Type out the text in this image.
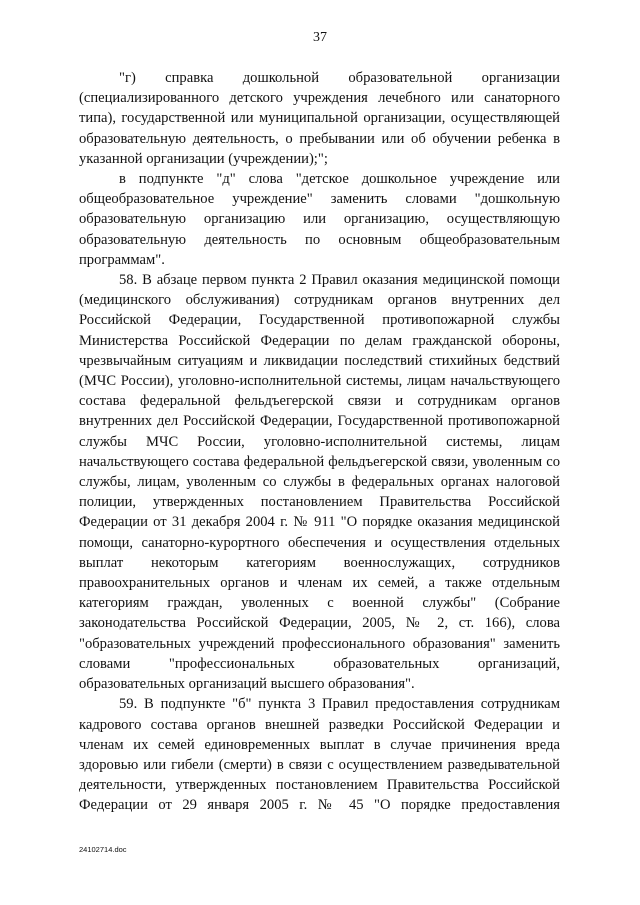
37

"г) справка дошкольной образовательной организации (специализированного детского учреждения лечебного или санаторного типа), государственной или муниципальной организации, осуществляющей образовательную деятельность, о пребывании или об обучении ребенка в указанной организации (учреждении);";

в подпункте "д" слова "детское дошкольное учреждение или общеобразовательное учреждение" заменить словами "дошкольную образовательную организацию или организацию, осуществляющую образовательную деятельность по основным общеобразовательным программам".

58. В абзаце первом пункта 2 Правил оказания медицинской помощи (медицинского обслуживания) сотрудникам органов внутренних дел Российской Федерации, Государственной противопожарной службы Министерства Российской Федерации по делам гражданской обороны, чрезвычайным ситуациям и ликвидации последствий стихийных бедствий (МЧС России), уголовно-исполнительной системы, лицам начальствующего состава федеральной фельдъегерской связи и сотрудникам органов внутренних дел Российской Федерации, Государственной противопожарной службы МЧС России, уголовно-исполнительной системы, лицам начальствующего состава федеральной фельдъегерской связи, уволенным со службы, лицам, уволенным со службы в федеральных органах налоговой полиции, утвержденных постановлением Правительства Российской Федерации от 31 декабря 2004 г. № 911 "О порядке оказания медицинской помощи, санаторно-курортного обеспечения и осуществления отдельных выплат некоторым категориям военнослужащих, сотрудников правоохранительных органов и членам их семей, а также отдельным категориям граждан, уволенных с военной службы" (Собрание законодательства Российской Федерации, 2005, № 2, ст. 166), слова "образовательных учреждений профессионального образования" заменить словами "профессиональных образовательных организаций, образовательных организаций высшего образования".

59. В подпункте "б" пункта 3 Правил предоставления сотрудникам кадрового состава органов внешней разведки Российской Федерации и членам их семей единовременных выплат в случае причинения вреда здоровью или гибели (смерти) в связи с осуществлением разведывательной деятельности, утвержденных постановлением Правительства Российской Федерации от 29 января 2005 г. № 45 "О порядке предоставления

24102714.doc
